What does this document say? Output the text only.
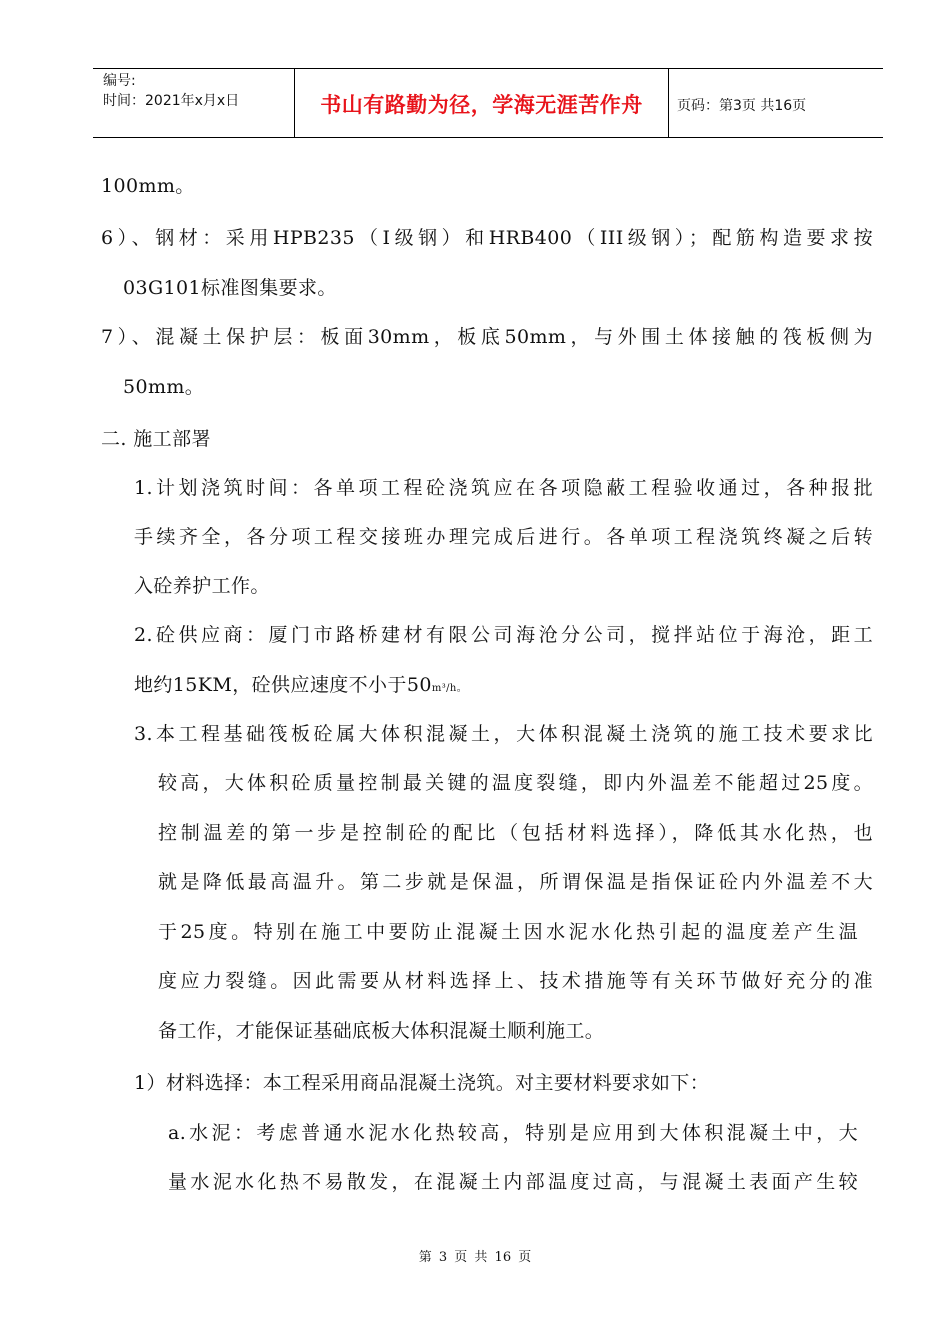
编号:
时间：2021年x月x日	书山有路勤为径，学海无涯苦作舟	页码：第3页 共16页
100mm。
6）、钢材：采用HPB235（I级钢）和HRB400（III级钢）；配筋构造要求按
03G101标准图集要求。
7）、混凝土保护层：板面30mm，板底50mm，与外围土体接触的筏板侧为
50mm。
二. 施工部署
1.计划浇筑时间：各单项工程砼浇筑应在各项隐蔽工程验收通过，各种报批
手续齐全，各分项工程交接班办理完成后进行。各单项工程浇筑终凝之后转
入砼养护工作。
2.砼供应商：厦门市路桥建材有限公司海沧分公司，搅拌站位于海沧，距工
地约15KM，砼供应速度不小于50m³/h。
3.本工程基础筏板砼属大体积混凝土，大体积混凝土浇筑的施工技术要求比
较高，大体积砼质量控制最关键的温度裂缝，即内外温差不能超过25度。
控制温差的第一步是控制砼的配比（包括材料选择），降低其水化热，也
就是降低最高温升。第二步就是保温，所谓保温是指保证砼内外温差不大
于25度。特别在施工中要防止混凝土因水泥水化热引起的温度差产生温
度应力裂缝。因此需要从材料选择上、技术措施等有关环节做好充分的准
备工作，才能保证基础底板大体积混凝土顺利施工。
1）材料选择：本工程采用商品混凝土浇筑。对主要材料要求如下：
a.水泥：考虑普通水泥水化热较高，特别是应用到大体积混凝土中，大
量水泥水化热不易散发，在混凝土内部温度过高，与混凝土表面产生较
第 3 页 共 16 页
